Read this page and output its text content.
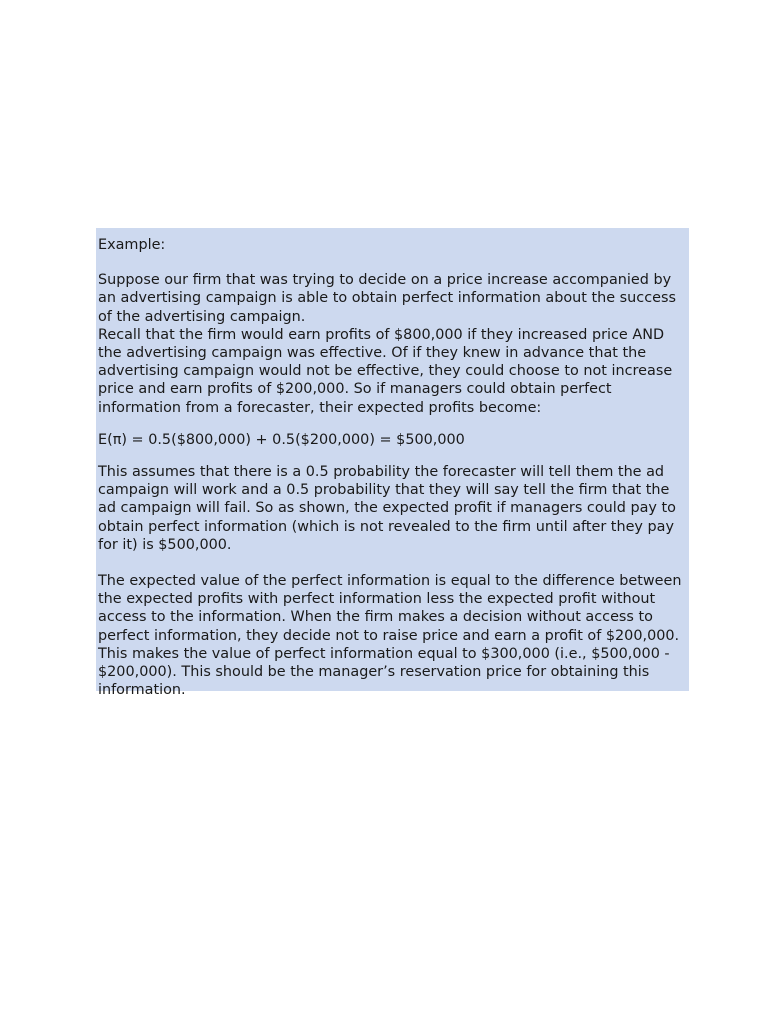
Example:

Suppose our firm that was trying to decide on a price increase accompanied by an advertising campaign is able to obtain perfect information about the success of the advertising campaign.

Recall that the firm would earn profits of $800,000 if they increased price AND the advertising campaign was effective. Of if they knew in advance that the advertising campaign would not be effective, they could choose to not increase price and earn profits of $200,000. So if managers could obtain perfect information from a forecaster, their expected profits become:

E(π) = 0.5($800,000) + 0.5($200,000) = $500,000

This assumes that there is a 0.5 probability the forecaster will tell them the ad campaign will work and a 0.5 probability that they will say tell the firm that the ad campaign will fail. So as shown, the expected profit if managers could pay to obtain perfect information (which is not revealed to the firm until after they pay for it) is $500,000.

The expected value of the perfect information is equal to the difference between the expected profits with perfect information less the expected profit without access to the information. When the firm makes a decision without access to perfect information, they decide not to raise price and earn a profit of $200,000. This makes the value of perfect information equal to $300,000 (i.e., $500,000 - $200,000). This should be the manager’s reservation price for obtaining this information.
